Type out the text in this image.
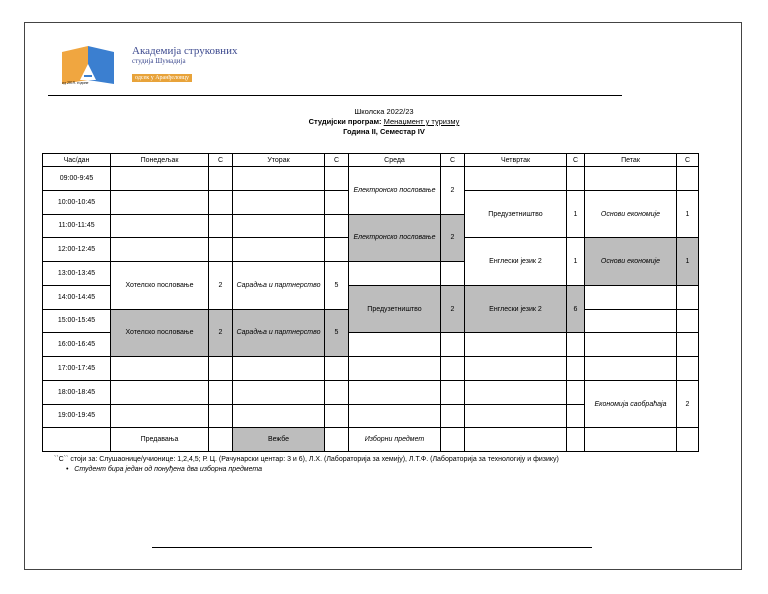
од 2019. године
Академија струковних
студија Шумадија
одсек у Аранђеловцу
Школска 2022/23
Студијски програм: Менаџмент у туризму
Година II, Семестар IV
Час/дан	Понедељак	С	Уторак	С	Среда	С	Четвртак	С	Петак	С
09:00-9:45					Електронско пословање	2				
10:00-10:45							Предузетништво	1	Основи економије	1
11:00-11:45					Електронско пословање	2				
12:00-12:45							Енглески језик 2	1	Основи економије	1
13:00-13:45	Хотелско пословање	2	Сарадња и партнерство	5						
14:00-14:45					Предузетништво	2	Енглески језик 2	6		
15:00-15:45	Хотелско пословање	2	Сарадња и партнерство	5						
16:00-16:45										
17:00-17:45										
18:00-18:45									Економија саобраћаја	2
19:00-19:45										
	Предавања		Вежбе		Изборни предмет					
``С`` стоји за: Слушаонице/учионице: 1,2,4,5; Р. Ц. (Рачунарски центар: 3 и 6), Л.Х. (Лабораторија за хемију), Л.Т.Ф. (Лабораторија за технологију и физику)
• Студент бира један од понуђена два изборна предмета
